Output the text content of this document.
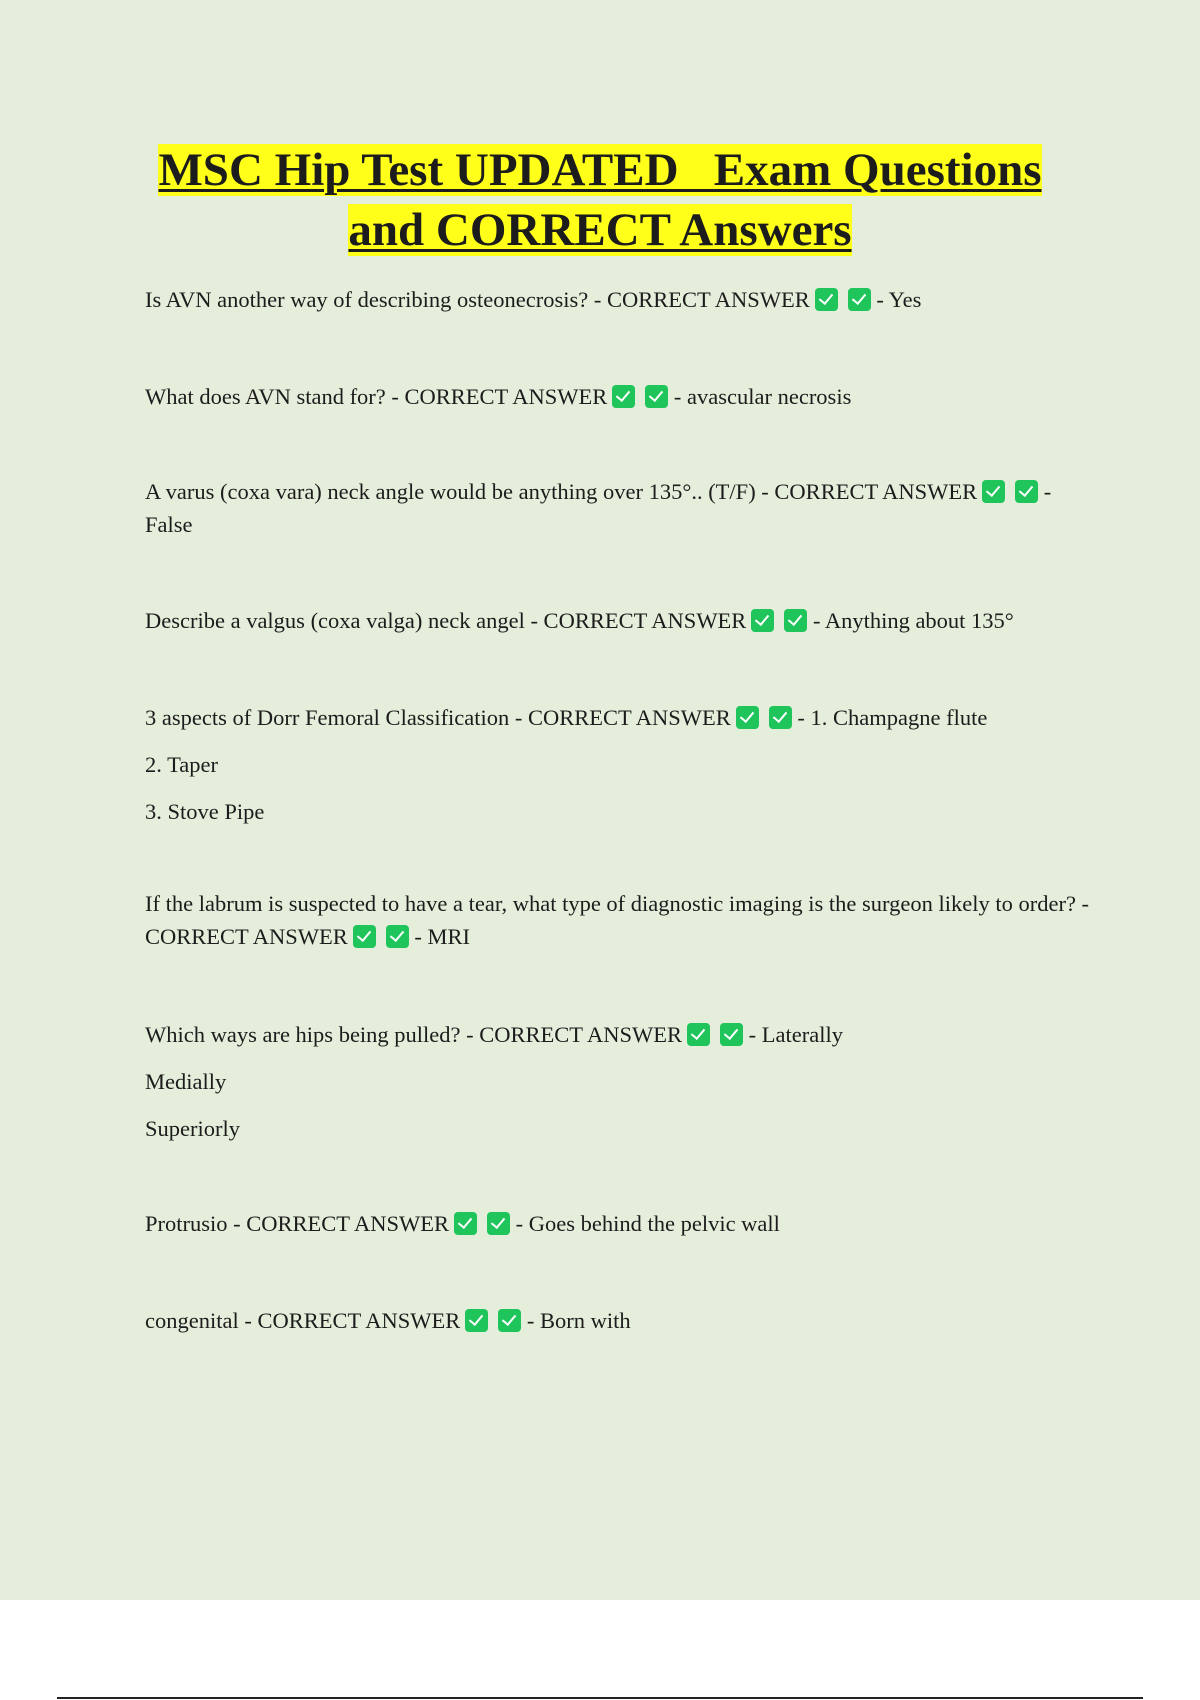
MSC Hip Test UPDATED   Exam Questions
and CORRECT Answers

Is AVN another way of describing osteonecrosis? - CORRECT ANSWER	- Yes

What does AVN stand for? - CORRECT ANSWER	- avascular necrosis

A varus (coxa vara) neck angle would be anything over 135°.. (T/F) - CORRECT ANSWER	- False

Describe a valgus (coxa valga) neck angel - CORRECT ANSWER	- Anything about 135°

3 aspects of Dorr Femoral Classification - CORRECT ANSWER	- 1. Champagne flute

2. Taper

3. Stove Pipe

If the labrum is suspected to have a tear, what type of diagnostic imaging is the surgeon likely to order? - CORRECT ANSWER	- MRI

Which ways are hips being pulled? - CORRECT ANSWER	- Laterally

Medially

Superiorly

Protrusio - CORRECT ANSWER	- Goes behind the pelvic wall

congenital - CORRECT ANSWER	- Born with
